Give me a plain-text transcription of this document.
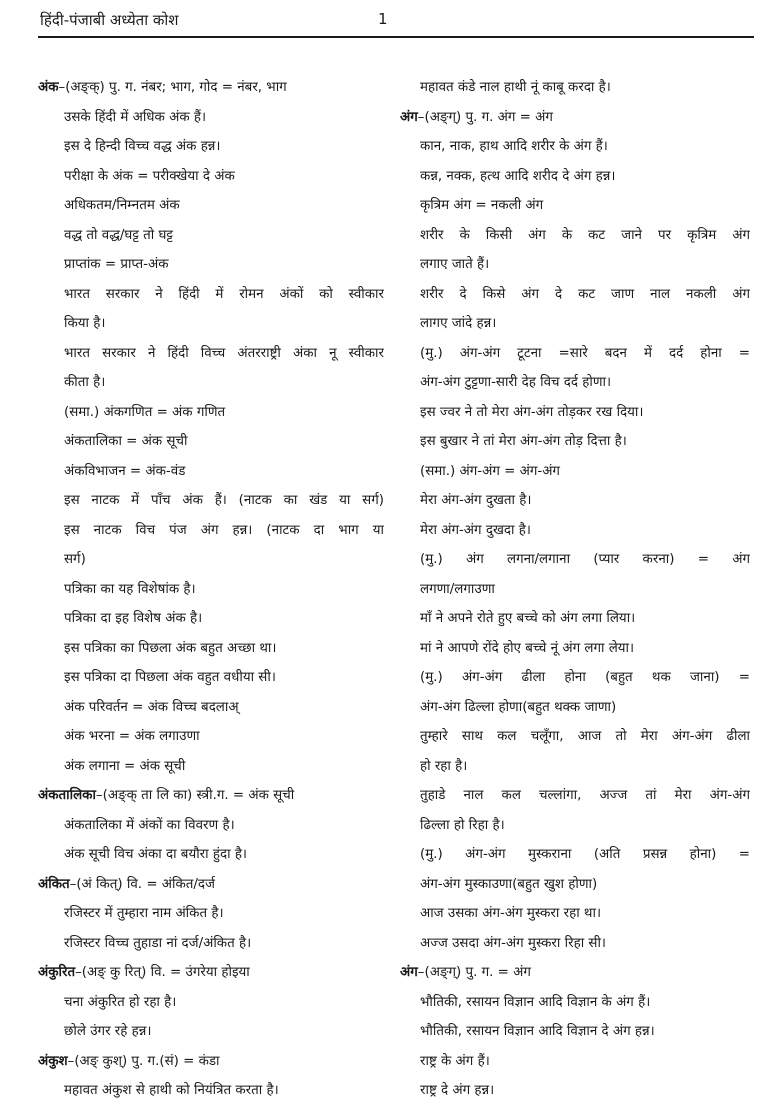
हिंदी-पंजाबी अध्येता कोश	1
अंक–(अङ्क्) पु. ग. नंबर; भाग, गोद = नंबर, भाग
उसके हिंदी में अधिक अंक हैं।
इस दे हिन्दी विच्च वद्ध अंक हन्न।
परीक्षा के अंक = परीक्खेया दे अंक
अधिकतम/निम्नतम अंक
वद्ध तो वद्ध/घट्ट तो घट्ट
प्राप्तांक = प्राप्त-अंक
भारत सरकार ने हिंदी में रोमन अंकों को स्वीकार
किया है।
भारत सरकार ने हिंदी विच्च अंतरराष्ट्री अंका नू स्वीकार
कीता है।
(समा.) अंकगणित = अंक गणित
अंकतालिका = अंक सूची
अंकविभाजन = अंक-वंड
इस नाटक में पाँच अंक हैं। (नाटक का खंड या सर्ग)
इस नाटक विच पंज अंग हन्न। (नाटक दा भाग या
सर्ग)
पत्रिका का यह विशेषांक है।
पत्रिका दा इह विशेष अंक है।
इस पत्रिका का पिछला अंक बहुत अच्छा था।
इस पत्रिका दा पिछला अंक वहुत वधीया सी।
अंक परिवर्तन = अंक विच्च बदलाअ्
अंक भरना = अंक लगाउणा
अंक लगाना = अंक सूची
अंकतालिका–(अङ्क् ता लि का) स्त्री.ग. = अंक सूची
अंकतालिका में अंकों का विवरण है।
अंक सूची विच अंका दा बयौरा हुंदा है।
अंकित–(अं कित्) वि. = अंकित/दर्ज
रजिस्टर में तुम्हारा नाम अंकित है।
रजिस्टर विच्च तुहाडा नां दर्ज/अंकित है।
अंकुरित–(अङ् कु रित्) वि. = उंगरेया होइया
चना अंकुरित हो रहा है।
छोले उंगर रहे हन्न।
अंकुश–(अङ् कुश्) पु. ग.(सं) = कंडा
महावत अंकुश से हाथी को नियंत्रित करता है।
महावत कंडे नाल हाथी नूं काबू करदा है।
अंग–(अङ्ग्) पु. ग. अंग = अंग
कान, नाक, हाथ आदि शरीर के अंग हैं।
कन्न, नक्क, हत्थ आदि शरीद दे अंग हन्न।
कृत्रिम अंग = नकली अंग
शरीर के किसी अंग के कट जाने पर कृत्रिम अंग
लगाए जाते हैं।
शरीर दे किसे अंग दे कट जाण नाल नकली अंग
लागए जांदे हन्न।
(मु.) अंग-अंग टूटना =सारे बदन में दर्द होना =
अंग-अंग टुट्टणा-सारी देह विच दर्द होणा।
इस ज्वर ने तो मेरा अंग-अंग तोड़कर रख दिया।
इस बुखार ने तां मेरा अंग-अंग तोड़ दित्ता है।
(समा.) अंग-अंग = अंग-अंग
मेरा अंग-अंग दुखता है।
मेरा अंग-अंग दुखदा है।
(मु.) अंग लगना/लगाना (प्यार करना) = अंग
लगणा/लगाउणा
माँ ने अपने रोते हुए बच्चे को अंग लगा लिया।
मां ने आपणे रोंदे होए बच्चे नूं अंग लगा लेया।
(मु.) अंग-अंग ढीला होना (बहुत थक जाना) =
अंग-अंग ढिल्ला होणा(बहुत थक्क जाणा)
तुम्हारे साथ कल चलूँगा, आज तो मेरा अंग-अंग ढीला
हो रहा है।
तुहाडे नाल कल चल्लांगा, अज्ज तां मेरा अंग-अंग
ढिल्ला हो रिहा है।
(मु.) अंग-अंग मुस्कराना (अति प्रसन्न होना) =
अंग-अंग मुस्काउणा(बहुत खुश होणा)
आज उसका अंग-अंग मुस्करा रहा था।
अज्ज उसदा अंग-अंग मुस्करा रिहा सी।
अंग–(अङ्ग्) पु. ग. = अंग
भौतिकी, रसायन विज्ञान आदि विज्ञान के अंग हैं।
भौतिकी, रसायन विज्ञान आदि विज्ञान दे अंग हन्न।
राष्ट्र के अंग हैं।
राष्ट्र दे अंग हन्न।
